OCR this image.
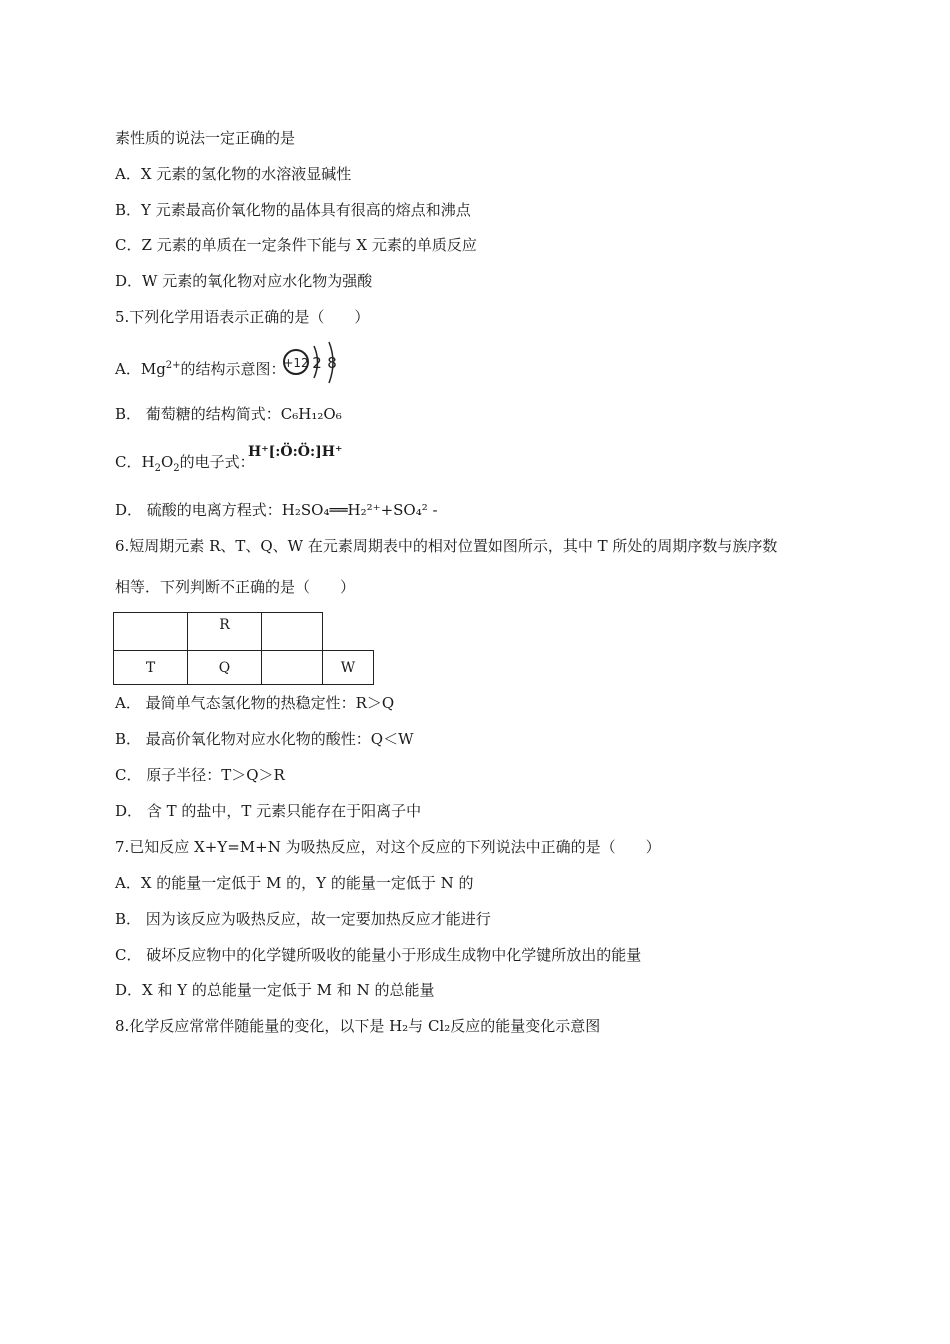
素性质的说法一定正确的是
A．X 元素的氢化物的水溶液显碱性
B．Y 元素最高价氧化物的晶体具有很高的熔点和沸点
C．Z 元素的单质在一定条件下能与 X 元素的单质反应
D．W 元素的氧化物对应水化物为强酸
5.下列化学用语表示正确的是（　　）
A．$Mg^{2+}$的结构示意图：
+12 2 8
B． 葡萄糖的结构简式：C₆H₁₂O₆
C．$H_2O_2$的电子式：
H⁺[:Ö:Ö:]H⁺
D． 硫酸的电离方程式：H₂SO₄══H₂²⁺+SO₄² -
6.短周期元素 R、T、Q、W 在元素周期表中的相对位置如图所示，其中 T 所处的周期序数与族序数
相等．下列判断不正确的是（　　）
	R		
T	Q		W
A． 最简单气态氢化物的热稳定性：R＞Q
B． 最高价氧化物对应水化物的酸性：Q＜W
C． 原子半径：T＞Q＞R
D． 含 T 的盐中，T 元素只能存在于阳离子中
7.已知反应 X+Y=M+N 为吸热反应，对这个反应的下列说法中正确的是（　　）
A．X 的能量一定低于 M 的，Y 的能量一定低于 N 的
B． 因为该反应为吸热反应，故一定要加热反应才能进行
C． 破坏反应物中的化学键所吸收的能量小于形成生成物中化学键所放出的能量
D．X 和 Y 的总能量一定低于 M 和 N 的总能量
8.化学反应常常伴随能量的变化，以下是 H₂与 Cl₂反应的能量变化示意图
